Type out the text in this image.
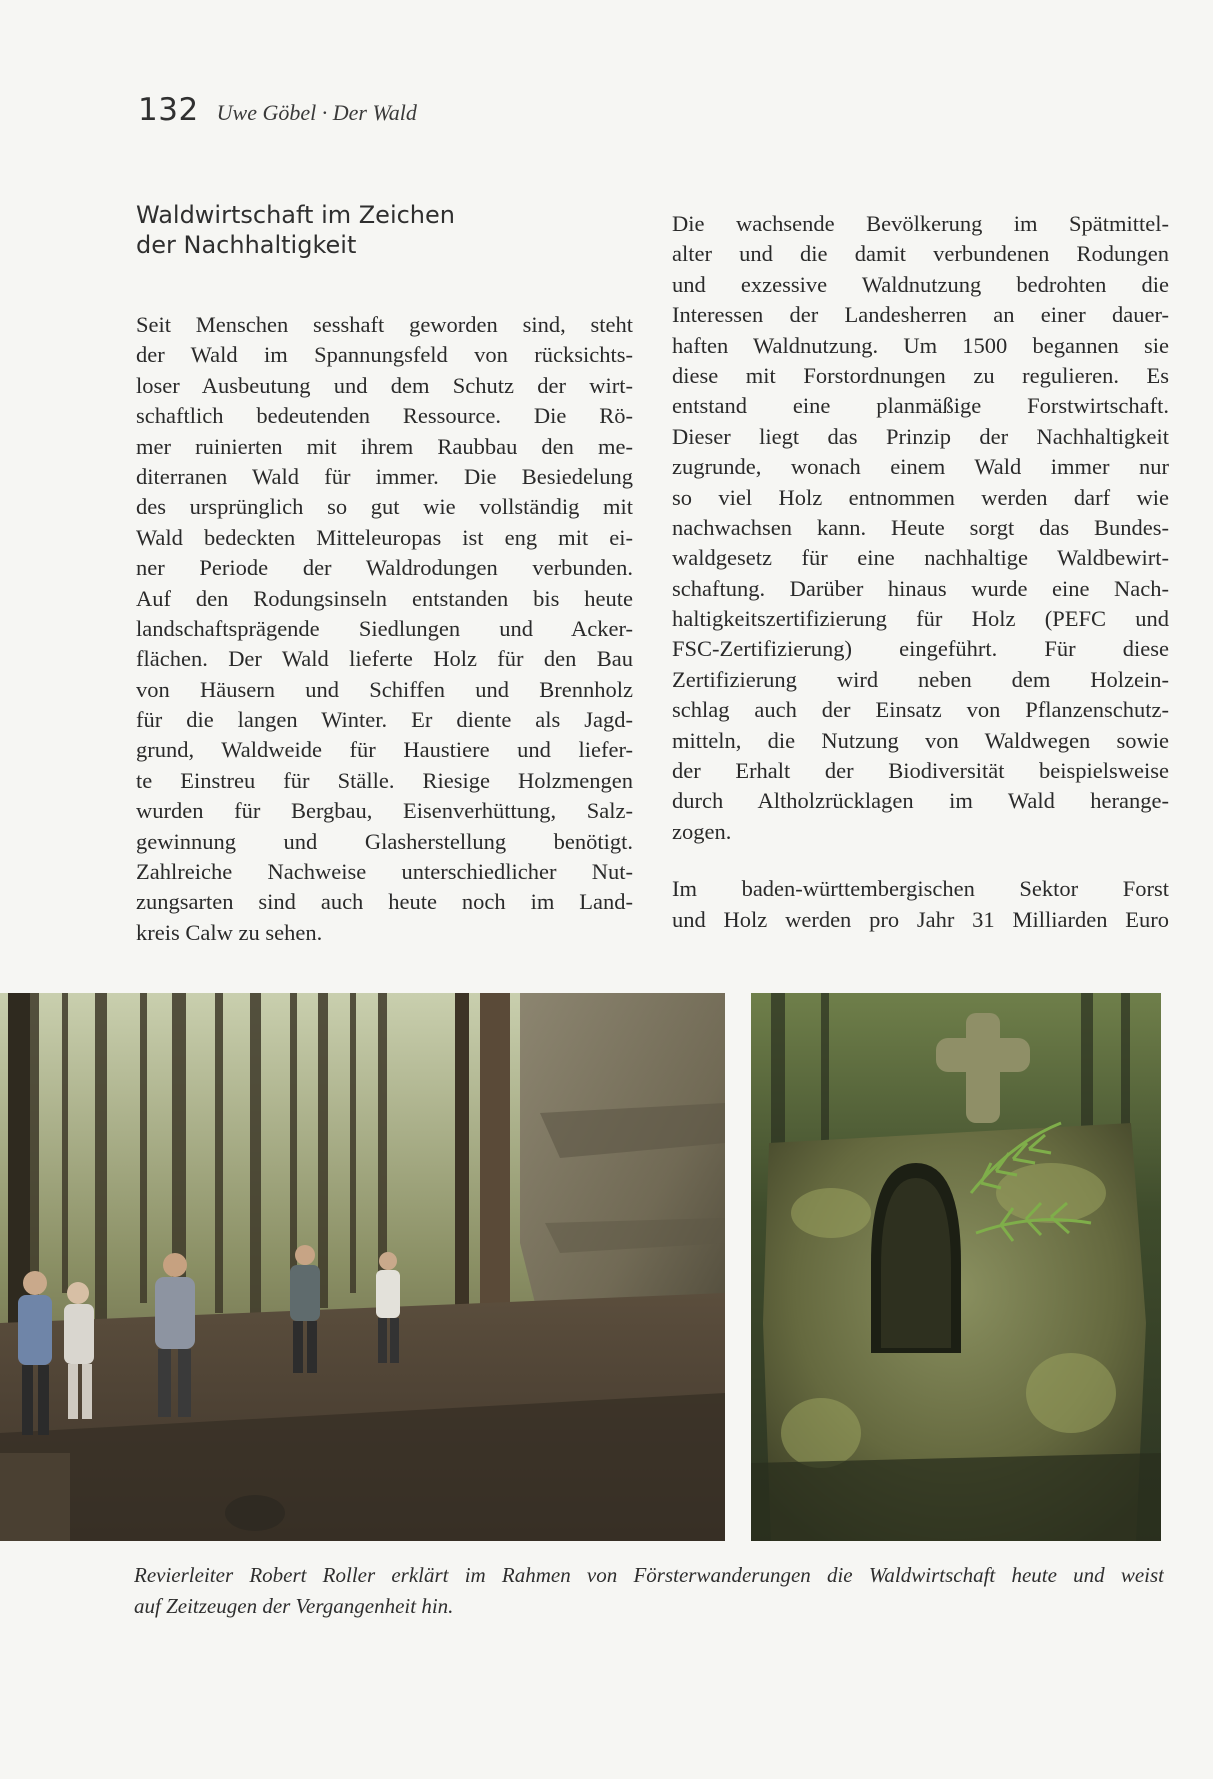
132 Uwe Göbel · Der Wald
Waldwirtschaft im Zeichen
der Nachhaltigkeit
Seit Menschen sesshaft geworden sind, steht
der Wald im Spannungsfeld von rücksichts-
loser Ausbeutung und dem Schutz der wirt-
schaftlich bedeutenden Ressource. Die Rö-
mer ruinierten mit ihrem Raubbau den me-
diterranen Wald für immer. Die Besiedelung
des ursprünglich so gut wie vollständig mit
Wald bedeckten Mitteleuropas ist eng mit ei-
ner Periode der Waldrodungen verbunden.
Auf den Rodungsinseln entstanden bis heute
landschaftsprägende Siedlungen und Acker-
flächen. Der Wald lieferte Holz für den Bau
von Häusern und Schiffen und Brennholz
für die langen Winter. Er diente als Jagd-
grund, Waldweide für Haustiere und liefer-
te Einstreu für Ställe. Riesige Holzmengen
wurden für Bergbau, Eisenverhüttung, Salz-
gewinnung und Glasherstellung benötigt.
Zahlreiche Nachweise unterschiedlicher Nut-
zungsarten sind auch heute noch im Land-
kreis Calw zu sehen.
Die wachsende Bevölkerung im Spätmittel-
alter und die damit verbundenen Rodungen
und exzessive Waldnutzung bedrohten die
Interessen der Landesherren an einer dauer-
haften Waldnutzung. Um 1500 begannen sie
diese mit Forstordnungen zu regulieren. Es
entstand eine planmäßige Forstwirtschaft.
Dieser liegt das Prinzip der Nachhaltigkeit
zugrunde, wonach einem Wald immer nur
so viel Holz entnommen werden darf wie
nachwachsen kann. Heute sorgt das Bundes-
waldgesetz für eine nachhaltige Waldbewirt-
schaftung. Darüber hinaus wurde eine Nach-
haltigkeitszertifizierung für Holz (PEFC und
FSC-Zertifizierung) eingeführt. Für diese
Zertifizierung wird neben dem Holzein-
schlag auch der Einsatz von Pflanzenschutz-
mitteln, die Nutzung von Waldwegen sowie
der Erhalt der Biodiversität beispielsweise
durch Altholzrücklagen im Wald herange-
zogen.
Im baden-württembergischen Sektor Forst
und Holz werden pro Jahr 31 Milliarden Euro
Revierleiter Robert Roller erklärt im Rahmen von Försterwanderungen die Waldwirtschaft heute und weist
auf Zeitzeugen der Vergangenheit hin.
